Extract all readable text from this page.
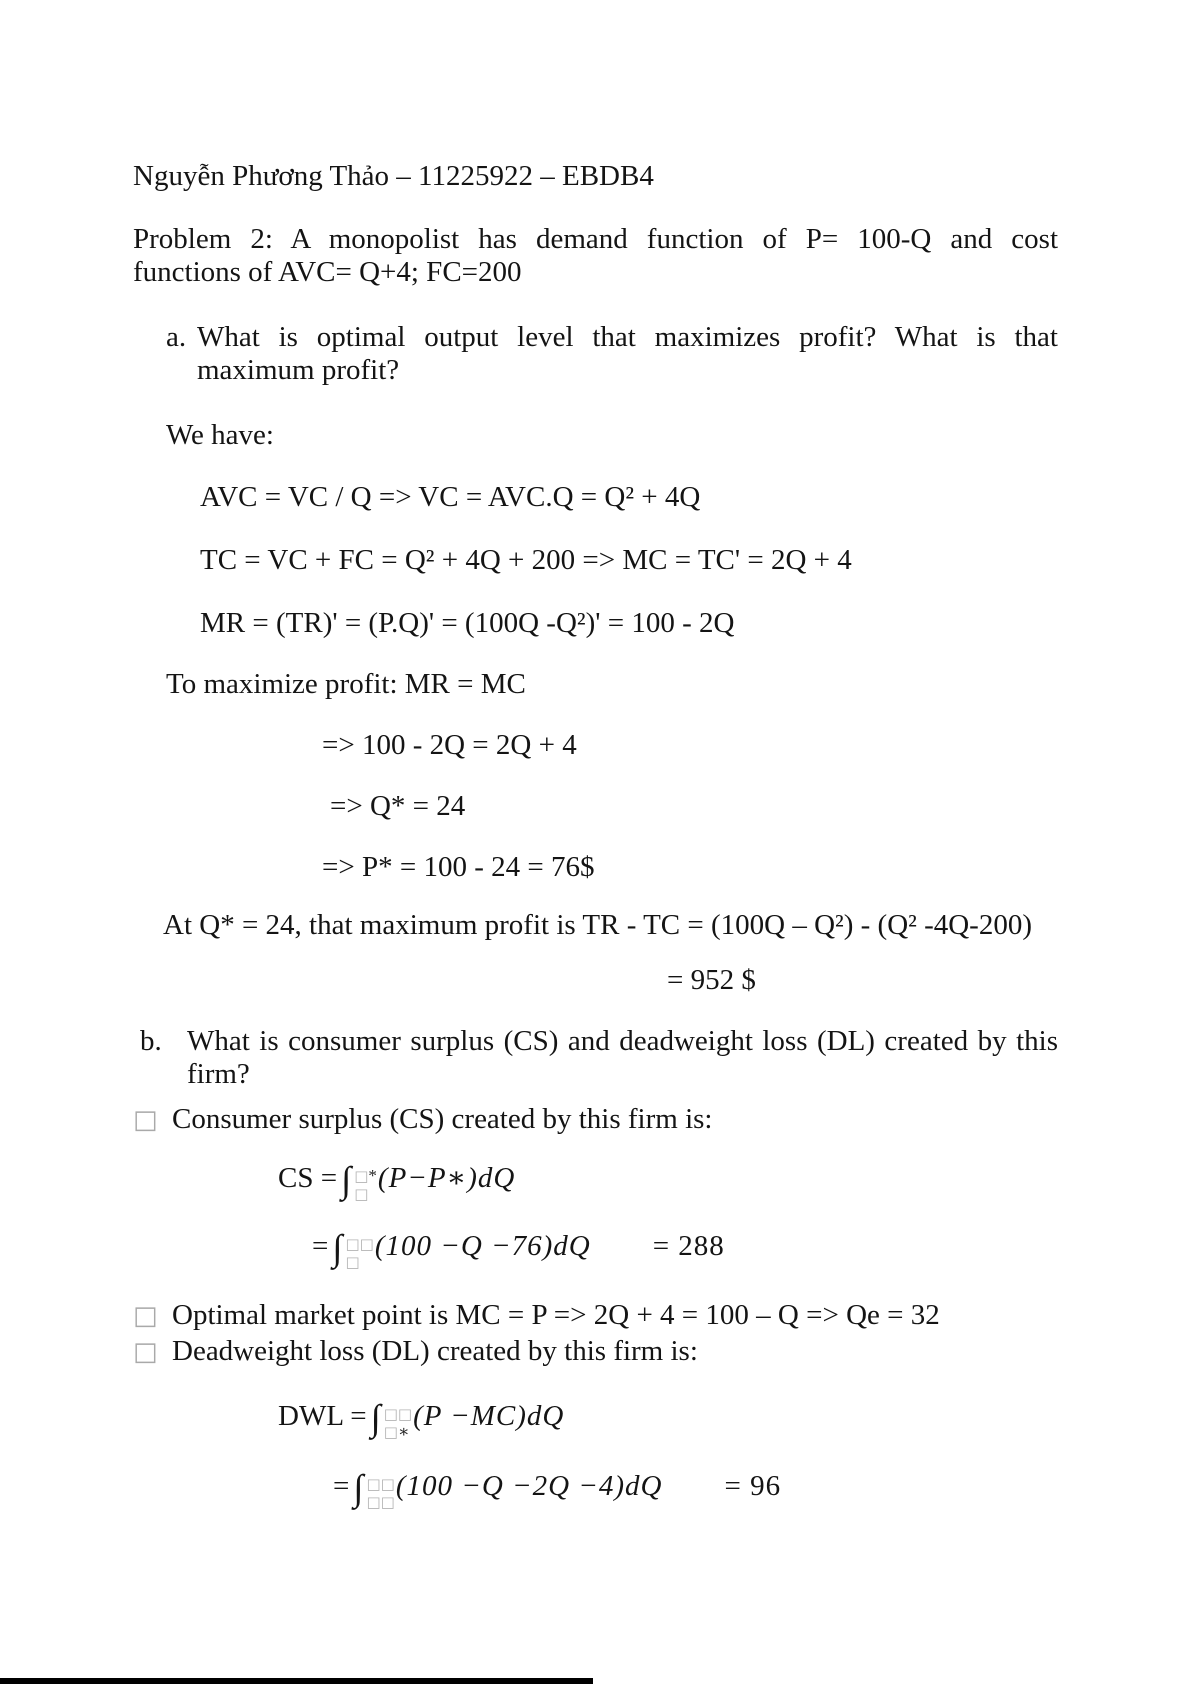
Nguyễn Phương Thảo – 11225922 – EBDB4
Problem 2: A monopolist has demand function of P= 100-Q and cost
functions of AVC= Q+4; FC=200
a. What is optimal output level that maximizes profit? What is that
maximum profit?
We have:
AVC = VC / Q => VC = AVC.Q = Q² + 4Q
TC = VC + FC = Q² + 4Q + 200 => MC = TC' = 2Q + 4
MR = (TR)' = (P.Q)' = (100Q -Q²)' = 100 - 2Q
To maximize profit: MR = MC
=> 100 - 2Q = 2Q + 4
=> Q* = 24
=> P* = 100 - 24 = 76$
At Q* = 24, that maximum profit is TR - TC = (100Q – Q²) - (Q² -4Q-200)
= 952 $
b. What is consumer surplus (CS) and deadweight loss (DL) created by this
firm?
□ Consumer surplus (CS) created by this firm is:
CS = ∫ □*
□ (P−P∗)dQ
= ∫ □□
□ (100 −Q −76)dQ = 288
□ Optimal market point is MC = P => 2Q + 4 = 100 – Q => Qe = 32
□ Deadweight loss (DL) created by this firm is:
DWL = ∫ □□
□∗ (P −MC)dQ
= ∫ □□
□□ (100 −Q −2Q −4)dQ = 96
